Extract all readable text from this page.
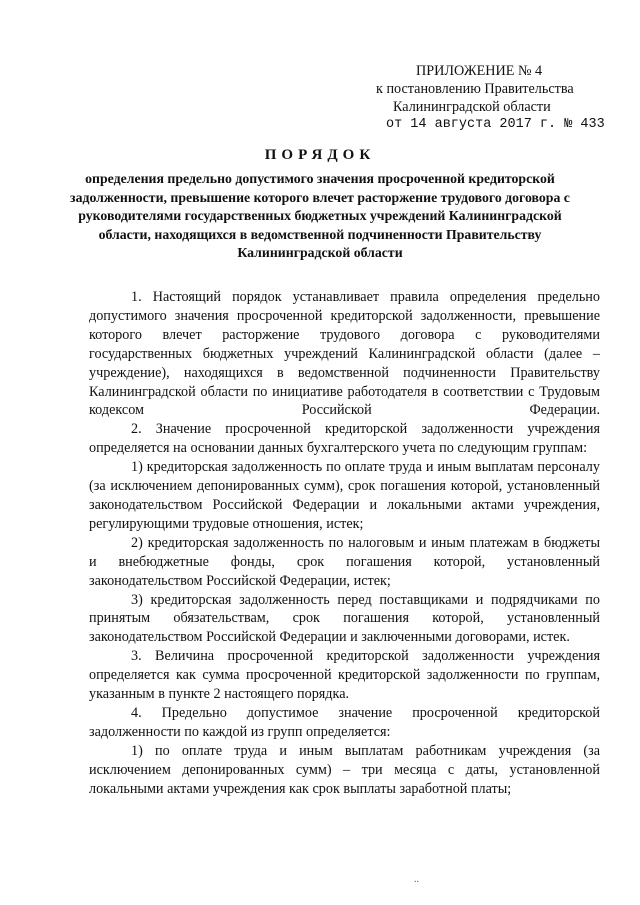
ПРИЛОЖЕНИЕ № 4
к постановлению Правительства
Калининградской области
от 14 августа 2017 г. № 433
ПОРЯДОК
определения предельно допустимого значения просроченной кредиторской задолженности, превышение которого влечет расторжение трудового договора с руководителями государственных бюджетных учреждений Калининградской области, находящихся в ведомственной подчиненности Правительству Калининградской области

1. Настоящий порядок устанавливает правила определения предельно допустимого значения просроченной кредиторской задолженности, превышение которого влечет расторжение трудового договора с руководителями государственных бюджетных учреждений Калининградской области (далее – учреждение), находящихся в ведомственной подчиненности Правительству Калининградской области по инициативе работодателя в соответствии с Трудовым кодексом Российской Федерации.

2. Значение просроченной кредиторской задолженности учреждения определяется на основании данных бухгалтерского учета по следующим группам:

1) кредиторская задолженность по оплате труда и иным выплатам персоналу (за исключением депонированных сумм), срок погашения которой, установленный законодательством Российской Федерации и локальными актами учреждения, регулирующими трудовые отношения, истек;

2) кредиторская задолженность по налоговым и иным платежам в бюджеты и внебюджетные фонды, срок погашения которой, установленный законодательством Российской Федерации, истек;

3) кредиторская задолженность перед поставщиками и подрядчиками по принятым обязательствам, срок погашения которой, установленный законодательством Российской Федерации и заключенными договорами, истек.

3. Величина просроченной кредиторской задолженности учреждения определяется как сумма просроченной кредиторской задолженности по группам, указанным в пункте 2 настоящего порядка.

4. Предельно допустимое значение просроченной кредиторской задолженности по каждой из групп определяется:

1) по оплате труда и иным выплатам работникам учреждения (за исключением депонированных сумм) – три месяца с даты, установленной локальными актами учреждения как срок выплаты заработной платы;

..
